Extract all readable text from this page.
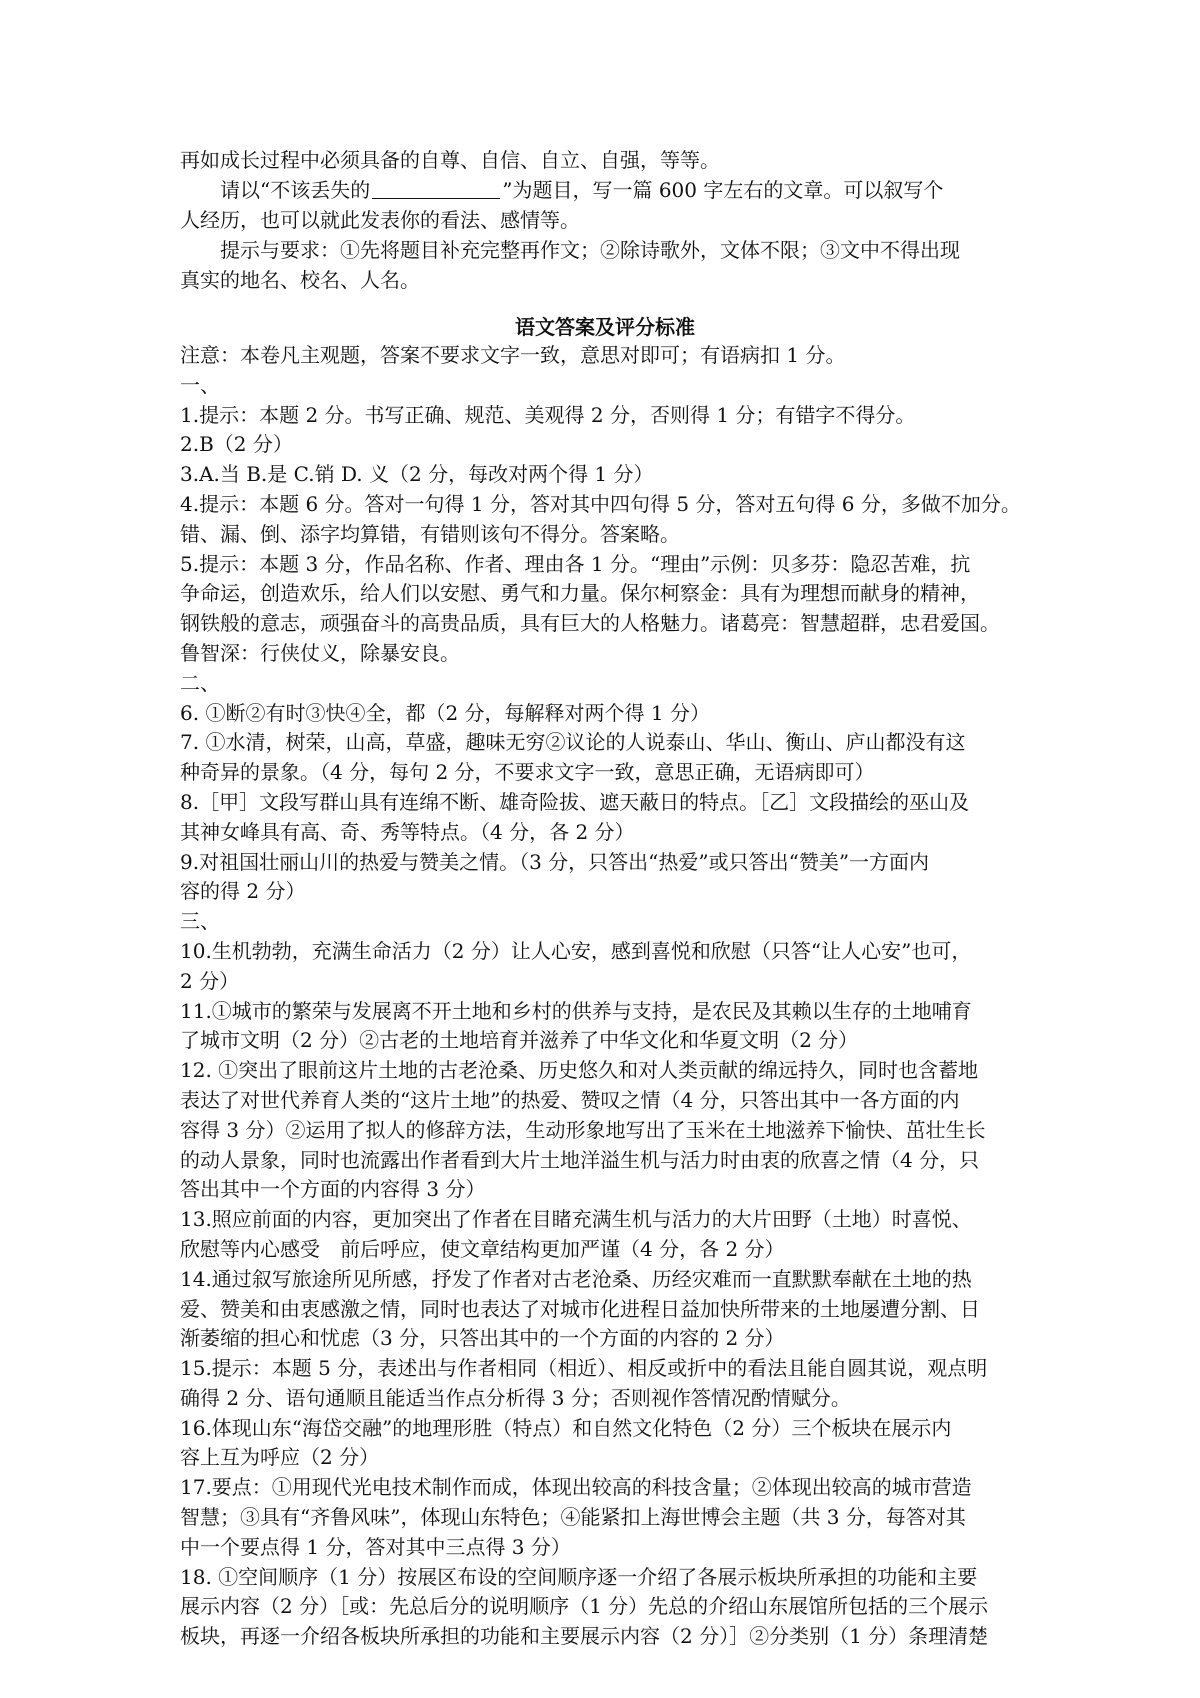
再如成长过程中必须具备的自尊、自信、自立、自强，等等。
请以“不该丢失的	”为题目，写一篇 600 字左右的文章。可以叙写个
人经历，也可以就此发表你的看法、感情等。
提示与要求：①先将题目补充完整再作文；②除诗歌外，文体不限；③文中不得出现
真实的地名、校名、人名。
语文答案及评分标准
注意：本卷凡主观题，答案不要求文字一致，意思对即可；有语病扣 1 分。
一、
1.提示：本题 2 分。书写正确、规范、美观得 2 分，否则得 1 分；有错字不得分。
2.B（2 分）
3.A.当 B.是 C.销 D. 义（2 分，每改对两个得 1 分）
4.提示：本题 6 分。答对一句得 1 分，答对其中四句得 5 分，答对五句得 6 分，多做不加分。
错、漏、倒、添字均算错，有错则该句不得分。答案略。
5.提示：本题 3 分，作品名称、作者、理由各 1 分。“理由”示例：贝多芬：隐忍苦难，抗
争命运，创造欢乐，给人们以安慰、勇气和力量。保尔柯察金：具有为理想而献身的精神，
钢铁般的意志，顽强奋斗的高贵品质，具有巨大的人格魅力。诸葛亮：智慧超群，忠君爱国。
鲁智深：行侠仗义，除暴安良。
二、
6. ①断②有时③快④全，都（2 分，每解释对两个得 1 分）
7. ①水清，树荣，山高，草盛，趣味无穷②议论的人说泰山、华山、衡山、庐山都没有这
种奇异的景象。（4 分，每句 2 分，不要求文字一致，意思正确，无语病即可）
8.［甲］文段写群山具有连绵不断、雄奇险拔、遮天蔽日的特点。［乙］文段描绘的巫山及
其神女峰具有高、奇、秀等特点。（4 分，各 2 分）
9.对祖国壮丽山川的热爱与赞美之情。（3 分，只答出“热爱”或只答出“赞美”一方面内
容的得 2 分）
三、
10.生机勃勃，充满生命活力（2 分）让人心安，感到喜悦和欣慰（只答“让人心安”也可，
2 分）
11.①城市的繁荣与发展离不开土地和乡村的供养与支持，是农民及其赖以生存的土地哺育
了城市文明（2 分）②古老的土地培育并滋养了中华文化和华夏文明（2 分）
12. ①突出了眼前这片土地的古老沧桑、历史悠久和对人类贡献的绵远持久，同时也含蓄地
表达了对世代养育人类的“这片土地”的热爱、赞叹之情（4 分，只答出其中一各方面的内
容得 3 分）②运用了拟人的修辞方法，生动形象地写出了玉米在土地滋养下愉快、茁壮生长
的动人景象，同时也流露出作者看到大片土地洋溢生机与活力时由衷的欣喜之情（4 分，只
答出其中一个方面的内容得 3 分）
13.照应前面的内容，更加突出了作者在目睹充满生机与活力的大片田野（土地）时喜悦、
欣慰等内心感受　前后呼应，使文章结构更加严谨（4 分，各 2 分）
14.通过叙写旅途所见所感，抒发了作者对古老沧桑、历经灾难而一直默默奉献在土地的热
爱、赞美和由衷感激之情，同时也表达了对城市化进程日益加快所带来的土地屡遭分割、日
渐萎缩的担心和忧虑（3 分，只答出其中的一个方面的内容的 2 分）
15.提示：本题 5 分，表述出与作者相同（相近）、相反或折中的看法且能自圆其说，观点明
确得 2 分、语句通顺且能适当作点分析得 3 分；否则视作答情况酌情赋分。
16.体现山东“海岱交融”的地理形胜（特点）和自然文化特色（2 分）三个板块在展示内
容上互为呼应（2 分）
17.要点：①用现代光电技术制作而成，体现出较高的科技含量；②体现出较高的城市营造
智慧；③具有“齐鲁风味”，体现山东特色；④能紧扣上海世博会主题（共 3 分，每答对其
中一个要点得 1 分，答对其中三点得 3 分）
18. ①空间顺序（1 分）按展区布设的空间顺序逐一介绍了各展示板块所承担的功能和主要
展示内容（2 分）［或：先总后分的说明顺序（1 分）先总的介绍山东展馆所包括的三个展示
板块，再逐一介绍各板块所承担的功能和主要展示内容（2 分）］②分类别（1 分）条理清楚
